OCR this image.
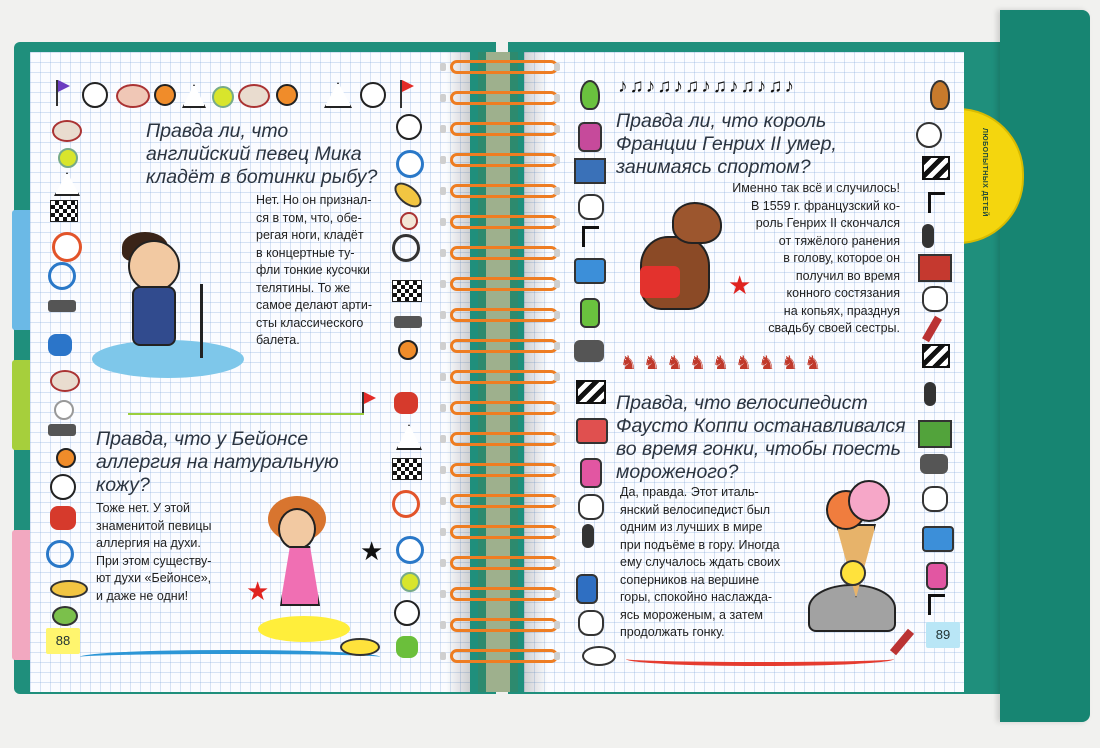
ЛЮБОПЫТНЫХ ДЕТЕЙ
★
★
Правда ли, что
английский певец Мика
кладёт в ботинки рыбу?

Нет. Но он признал-
ся в том, что, обе-
регая ноги, кладёт
в концертные ту-
фли тонкие кусочки
телятины. То же
самое делают арти-
сты классического
балета.

Правда, что у Бейонсе
аллергия на натуральную
кожу?

Тоже нет. У этой
знаменитой певицы
аллергия на духи.
При этом существу-
ют духи «Бейонсе»,
и даже не одни!

88
♪♫♪♫♪♫♪♫♪♫♪♫♪
♞♞♞♞♞♞♞♞♞
★
Правда ли, что король
Франции Генрих II умер,
занимаясь спортом?

Именно так всё и случилось!
В 1559 г. французский ко-
роль Генрих II скончался
от тяжёлого ранения
в голову, которое он
получил во время
конного состязания
на копьях, празднуя
свадьбу своей сестры.

Правда, что велосипедист
Фаусто Коппи останавливался
во время гонки, чтобы поесть
мороженого?

Да, правда. Этот италь-
янский велосипедист был
одним из лучших в мире
при подъёме в гору. Иногда
ему случалось ждать своих
соперников на вершине
горы, спокойно наслажда-
ясь мороженым, а затем
продолжать гонку.	89
